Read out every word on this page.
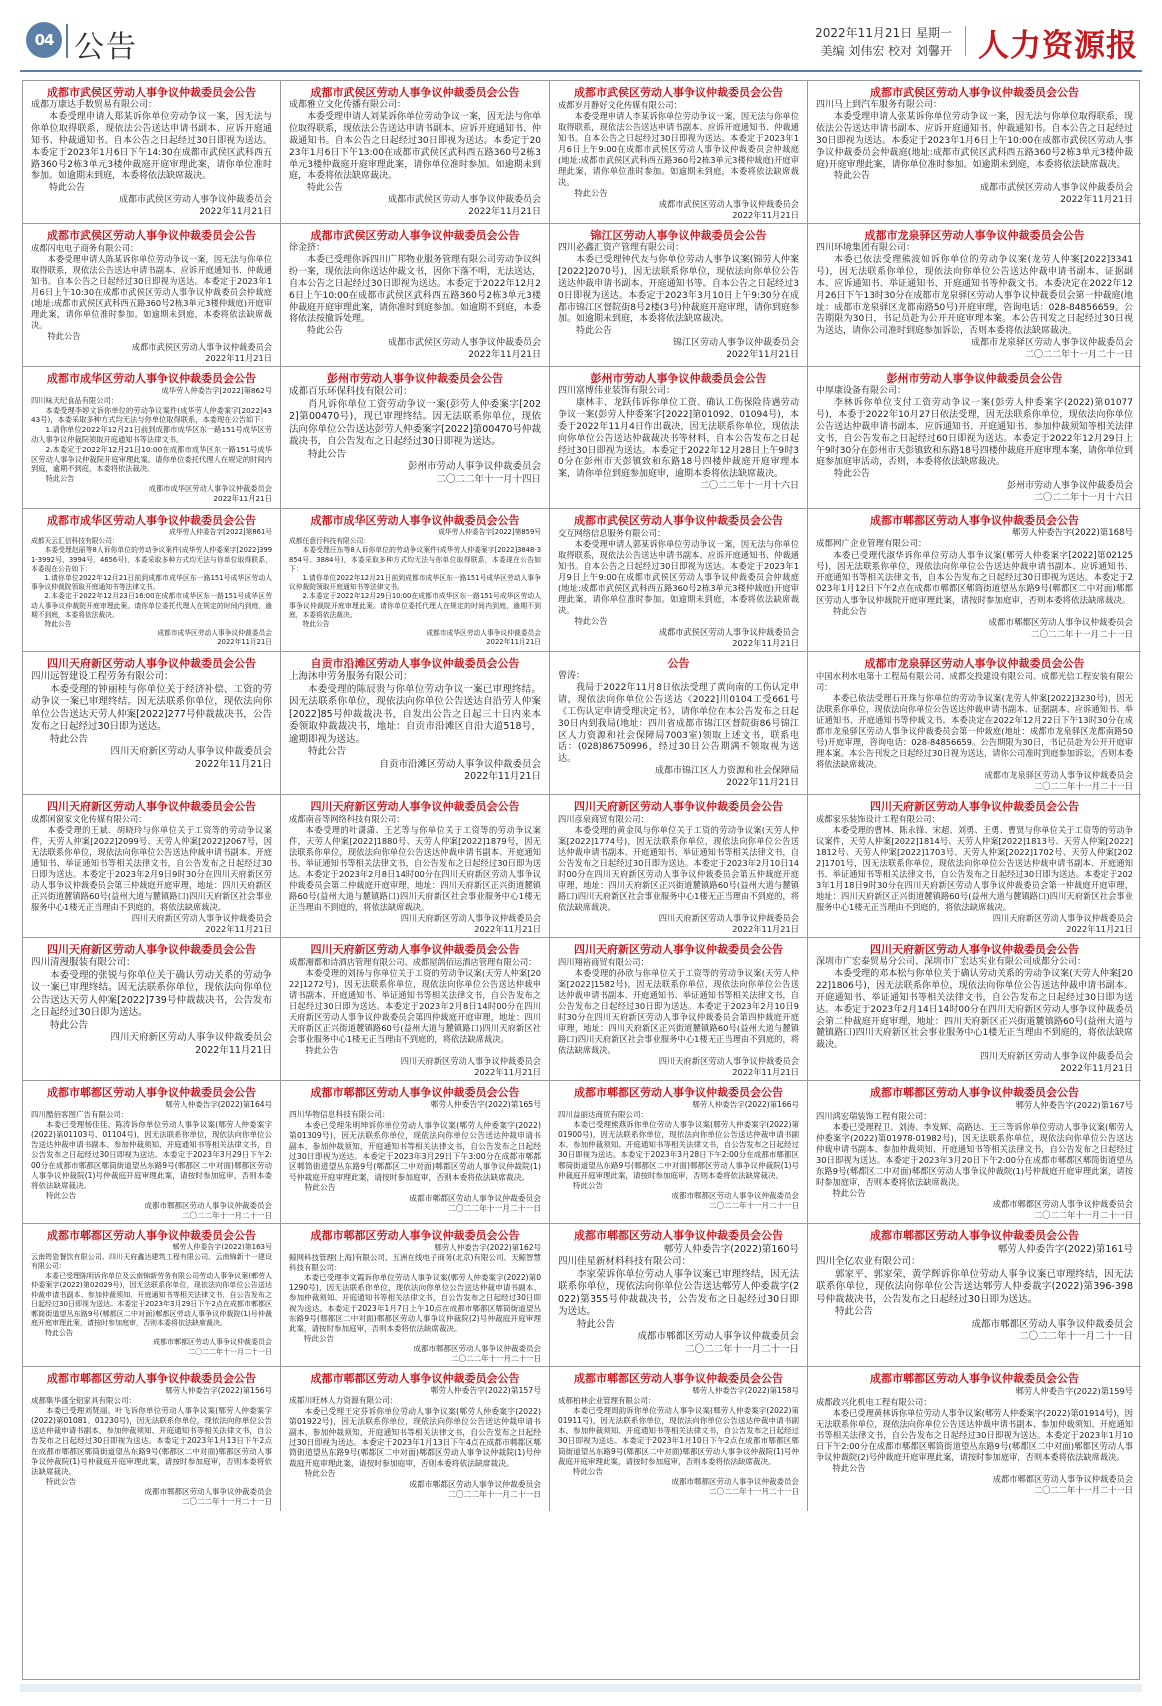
04 公告	2022年11月21日 星期一
美编 刘伟宏 校对 刘馨开 人力资源报
成都市武侯区劳动人事争议仲裁委员会公告
成都万康达手数贸易有限公司：
本委受理申请人郑某诉你单位劳动争议一案，因无法与你单位取得联系，现依法公告送达申请书副本、应诉开庭通知书、仲裁通知书。自本公告之日起经过30日即视为送达。本委定于2023年1月6日下午14:30在成都市武侯区武科西五路360号2栋3单元3楼仲裁庭开庭审理此案，请你单位准时参加。如逾期未到庭，本委将依法缺席裁决。
特此公告
成都市武侯区劳动人事争议仲裁委员会
2022年11月21日
成都市武侯区劳动人事争议仲裁委员会公告
成都雅立文化传播有限公司：
本委受理申请人刘某诉你单位劳动争议一案，因无法与你单位取得联系，现依法公告送达申请书副本、应诉开庭通知书、仲裁通知书。自本公告之日起经过30日即视为送达。本委定于2023年1月6日下午13:00在成都市武侯区武科西五路360号2栋3单元3楼仲裁庭开庭审理此案，请你单位准时参加。如逾期未到庭，本委将依法缺席裁决。
特此公告
成都市武侯区劳动人事争议仲裁委员会
2022年11月21日
成都市武侯区劳动人事争议仲裁委员会公告
成都岁月静好文化传媒有限公司：
本委受理申请人李某诉你单位劳动争议一案，因无法与你单位取得联系，现依法公告送达申请书副本、应诉开庭通知书、仲裁通知书。自本公告之日起经过30日即视为送达。本委定于2023年1月6日上午9:00在成都市武侯区劳动人事争议仲裁委员会仲裁庭(地址:成都市武侯区武科西五路360号2栋3单元3楼仲裁庭)开庭审理此案，请你单位准时参加。如逾期未到庭，本委将依法缺席裁决。
特此公告
成都市武侯区劳动人事争议仲裁委员会
2022年11月21日
成都市武侯区劳动人事争议仲裁委员会公告
四川马上到汽车服务有限公司：
本委受理申请人张某诉你单位劳动争议一案，因无法与你单位取得联系，现依法公告送达申请书副本、应诉开庭通知书、仲裁通知书。自本公告之日起经过30日即视为送达。本委定于2023年1月6日上午10:00在成都市武侯区劳动人事争议仲裁委员会仲裁庭(地址:成都市武侯区武科西五路360号2栋3单元3楼仲裁庭)开庭审理此案，请你单位准时参加。如逾期未到庭，本委将依法缺席裁决。
特此公告
成都市武侯区劳动人事争议仲裁委员会
2022年11月21日
成都市武侯区劳动人事争议仲裁委员会公告
成都闪电电子商务有限公司：
本委受理申请人陈某诉你单位劳动争议一案，因无法与你单位取得联系，现依法公告送达申请书副本、应诉开庭通知书、仲裁通知书。自本公告之日起经过30日即视为送达。本委定于2023年1月6日上午10:30在成都市武侯区劳动人事争议仲裁委员会仲裁庭(地址:成都市武侯区武科西五路360号2栋3单元3楼仲裁庭)开庭审理此案，请你单位准时参加。如逾期未到庭，本委将依法缺席裁决。
特此公告
成都市武侯区劳动人事争议仲裁委员会
2022年11月21日
成都市武侯区劳动人事争议仲裁委员会公告
徐金挤：
本委已受理你诉四川广邦物业服务管理有限公司劳动争议纠纷一案，现依法向你送达仲裁文书，因你下落不明，无法送达，自本公告之日起经过30日即视为送达。本委定于2022年12月26日上午10:00在成都市武侯区武科西五路360号2栋3单元3楼仲裁庭开庭审理此案，请你准时到庭参加。如逾期不到庭，本委将依法按撤诉处理。
特此公告
成都市武侯区劳动人事争议仲裁委员会
2022年11月21日
锦江区劳动人事争议仲裁委员会公告
四川必鑫汇资产管理有限公司：
本委已受理钟代友与你单位劳动人事争议案(锦劳人仲案[2022]2070号)，因无法联系你单位，现依法向你单位公告送达仲裁申请书副本、开庭通知书等。自本公告之日起经过30日即视为送达。本委定于2023年3月10日上午9:30分在成都市锦江区督院街8号2楼(3号)仲裁庭开庭审理，请你到庭参加。如逾期未到庭，本委将依法缺席裁决。
特此公告
锦江区劳动人事争议仲裁委员会
2022年11月21日
成都市龙泉驿区劳动人事争议仲裁委员会公告
四川环境集团有限公司：
本委已依法受理熊波如诉你单位的劳动争议案(龙劳人仲案[2022]3341号)，因无法联系你单位，现依法向你单位公告送达仲裁申请书副本、证据副本、应诉通知书、举证通知书、开庭通知书等仲裁文书。本委决定在2022年12月26日下午13时30分在成都市龙泉驿区劳动人事争议仲裁委员会第一仲裁庭(地址：成都市龙泉驿区龙都南路50号)开庭审理，咨询电话：028-84856659。公告期限为30日，书记员赴为公开开庭审理本案。本公告刊发之日起经过30日视为送达，请你公司准时到庭参加诉讼，否则本委将依法缺席裁决。
成都市龙泉驿区劳动人事争议仲裁委员会
二〇二二年十一月二十一日
成都市成华区劳动人事争议仲裁委员会公告
成华劳人仲委告字[2022]第862号
四川味天纪食品有限公司：
本委受理李婷文诉你单位的劳动争议案件(成华劳人仲委案字[2022]4343号)，本委采取多种方式均无法与你单位取得联系，本委现在公告如下：
1.请你单位2022年12月21日前到成都市成华区东一路151号成华区劳动人事争议仲裁院领取开庭通知书等法律文书。
2.本委定于2022年12月21日10:00在成都市成华区东一路151号成华区劳动人事争议仲裁院开庭审理此案。请你单位委托代理人在规定的时间内到庭，逾期不到庭，本委将依法裁决。
特此公告
成都市成华区劳动人事争议仲裁委员会
2022年11月21日
彭州市劳动人事争议仲裁委员会公告
成都百乐环保科技有限公司：
肖凡诉你单位工资劳动争议一案(彭劳人仲委案字[2022]第00470号)，现已审理终结。因无法联系你单位，现依法向你单位公告送达彭劳人仲委案字[2022]第00470号仲裁裁决书，自公告发布之日起经过30日即视为送达。
特此公告
彭州市劳动人事争议仲裁委员会
二〇二二年十一月十四日
彭州市劳动人事争议仲裁委员会公告
四川富博伟业装饰有限公司：
康林丰、龙跃伟诉你单位工资、确认工伤保险待遇劳动争议一案(彭劳人仲委案字[2022]第01092、01094号)，本委于2022年11月4日作出裁决，因无法联系你单位，现依法向你单位公告送达仲裁裁决书等材料，自本公告发布之日起经过30日即视为送达。本委定于2022年12月28日上午9时30分在彭州市天彭镇致和东路18号四楼仲裁庭开庭审理本案，请你单位到庭参加庭审，逾期本委将依法缺席裁决。
二〇二二年十一月十六日
彭州市劳动人事争议仲裁委员会公告
中厚康设备有限公司：
李林诉你单位支付工资劳动争议一案(彭劳人仲委案字(2022)第01077号)，本委于2022年10月27日依法受理，因无法联系你单位，现依法向你单位公告送达仲裁申请书副本、应诉通知书、开庭通知书、参加仲裁须知等相关法律文书，自公告发布之日起经过60日即视为送达。本委定于2022年12月29日上午9时30分在彭州市天彭镇致和东路18号四楼仲裁庭开庭审理本案，请你单位到庭参加庭审活动，否则，本委将依法缺席裁决。
特此公告
彭州市劳动人事争议仲裁委员会
二〇二二年十一月十六日
成都市成华区劳动人事争议仲裁委员会公告
成华劳人仲委告字[2022]第861号
成都天云汇信科技有限公司：
本委受理赵丽等8人诉你单位的劳动争议案件(成华劳人仲委案字[2022]3991-3992号、3994号、4656号)，本委采取多种方式均无法与你单位取得联系，本委现在公告如下：
1.请你单位2022年12月21日前到成都市成华区东一路151号成华区劳动人事争议仲裁院领取开庭通知书等法律文书。
2.本委定于2022年12月23日16:00在成都市成华区东一路151号成华区劳动人事争议仲裁院开庭审理此案。请你单位委托代理人在规定的时间内到庭，逾期不到庭，本委将依法裁决。
特此公告
成都市成华区劳动人事争议仲裁委员会
2022年11月21日
成都市成华区劳动人事争议仲裁委员会公告
成华劳人仲委告字[2022]第859号
成都任意行科技有限公司：
本委受理汪东等8人诉你单位的劳动争议案件(成华劳人仲委案字[2022]3848-3854号、3884号)，本委采取多种方式均无法与你单位取得联系，本委现在公告如下：
1.请你单位2022年12月21日前到成都市成华区东一路151号成华区劳动人事争议仲裁院领取开庭通知书等法律文书。
2.本委定于2022年12月29日10:00在成都市成华区东一路151号成华区劳动人事争议仲裁院开庭审理此案。请你单位委托代理人在规定的时间内到庭，逾期不到庭，本委将依法裁决。
特此公告
成都市成华区劳动人事争议仲裁委员会
2022年11月21日
成都市武侯区劳动人事争议仲裁委员会公告
交互网络信息服务有限公司：
本委受理申请人郭某诉你单位劳动争议一案，因无法与你单位取得联系，现依法公告送达申请书副本、应诉开庭通知书、仲裁通知书。自本公告之日起经过30日即视为送达。本委定于2023年1月9日上午9:00在成都市武侯区劳动人事争议仲裁委员会仲裁庭(地址:成都市武侯区武科西五路360号2栋3单元3楼仲裁庭)开庭审理此案，请你单位准时参加。如逾期未到庭，本委将依法缺席裁决。
特此公告
成都市武侯区劳动人事争议仲裁委员会
2022年11月21日
成都市郫都区劳动人事争议仲裁委员会公告
郫劳人仲委告字(2022)第168号
成都网广企业管理有限公司：
本委已受理代淑华诉你单位劳动人事争议案(郫劳人仲委案字[2022]第02125号)，因无法联系你单位，现依法向你单位公告送达仲裁申请书副本、应诉通知书、开庭通知书等相关法律文书，自本公告发布之日起经过30日即视为送达。本委定于2023年1月12日下午2点在成都市郫都区郫筒街道望丛东路9号(郫都区二中对面)郫都区劳动人事争议仲裁院开庭审理此案，请按时参加庭审，否则本委将依法缺席裁决。
特此公告
成都市郫都区劳动人事争议仲裁委员会
二〇二二年十一月二十一日
四川天府新区劳动人事争议仲裁委员会公告
四川远智建设工程劳务有限公司：
本委受理的钟丽桂与你单位关于经济补偿、工资的劳动争议一案已审理终结。因无法联系你单位，现依法向你单位公告送达天劳人仲案[2022]277号仲裁裁决书，公告发布之日起经过30日即为送达。
特此公告
四川天府新区劳动人事争议仲裁委员会
2022年11月21日
自贡市沿滩区劳动人事争议仲裁委员会公告
上海沐申劳务服务有限公司：
本委受理的陈辰贵与你单位劳动争议一案已审理终结。因无法联系你单位，现依法向你单位公告送达自沿劳人仲案[2022]85号仲裁裁决书，自发出公告之日起三十日内来本委领取仲裁裁决书，地址：自贡市沿滩区自沿大道518号，逾期即视为送达。
特此公告
自贡市沿滩区劳动人事争议仲裁委员会
2022年11月21日
公告
曾涛：
我局于2022年11月8日依法受理了黄向南的工伤认定申请，现依法向你单位公告送达《2022]川0104工受661号《工伤认定申请受理决定书》，请你单位在本公告发布之日起30日内到我局(地址：四川省成都市锦江区督院街86号锦江区人力资源和社会保障局7003室)领取上述文书，联系电话：(028)86750996，经过30日公告期满不领取视为送达。
成都市锦江区人力资源和社会保障局
2022年11月21日
成都市龙泉驿区劳动人事争议仲裁委员会公告
中国水利水电第十工程局有限公司、成都交投建设有限公司、成都光信工程安装有限公司：
本委已依法受理石开珠与你单位的劳动争议案(龙劳人仲案[2022]3230号)，因无法联系你单位，现依法向你单位公告送达仲裁申请书副本、证据副本、应诉通知书、举证通知书、开庭通知书等仲裁文书。本委决定在2022年12月22日下午13时30分在成都市龙泉驿区劳动人事争议仲裁委员会第一仲裁庭(地址：成都市龙泉驿区龙都南路50号)开庭审理，咨询电话：028-84856659。公告期限为30日，书记员赴为公开开庭审理本案。本公告刊发之日起经过30日视为送达，请你公司准时到庭参加诉讼，否则本委将依法缺席裁决。
成都市龙泉驿区劳动人事争议仲裁委员会
二〇二二年十一月二十一日
四川天府新区劳动人事争议仲裁委员会公告
成都闲窗家文化传媒有限公司：
本委受理的王斌、胡晓玲与你单位关于工资等的劳动争议案件，天劳人仲案[2022]2099号、天劳人仲案[2022]2067号，因无法联系你单位，现依法向你单位公告送达仲裁申请书副本、开庭通知书、举证通知书等相关法律文书，自公告发布之日起经过30日即为送达。本委定于2023年2月9日9时30分在四川天府新区劳动人事争议仲裁委员会第三仲裁庭开庭审理，地址：四川天府新区正兴街道麓镇路60号(益州大道与麓镇路口)四川天府新区社会事业服务中心1楼无正当理由不到庭的，将依法缺席裁决。
四川天府新区劳动人事争议仲裁委员会
2022年11月21日
四川天府新区劳动人事争议仲裁委员会公告
成都南音等网络科技有限公司：
本委受理的叶潇潇、王艺等与你单位关于工资等的劳动争议案件，天劳人仲案[2022]1880号、天劳人仲案[2022]1879号，因无法联系你单位，现依法向你单位公告送达仲裁申请书副本、开庭通知书、举证通知书等相关法律文书，自公告发布之日起经过30日即为送达。本委定于2023年2月8日14时00分在四川天府新区劳动人事争议仲裁委员会第二仲裁庭开庭审理，地址：四川天府新区正兴街道麓镇路60号(益州大道与麓镇路口)四川天府新区社会事业服务中心1楼无正当理由不到庭的，将依法缺席裁决。
四川天府新区劳动人事争议仲裁委员会
2022年11月21日
四川天府新区劳动人事争议仲裁委员会公告
四川彦泉商贸有限公司：
本委受理的黄金凤与你单位关于工资的劳动争议案(天劳人仲案[2022]1774号)，因无法联系你单位，现依法向你单位公告送达仲裁申请书副本、开庭通知书、举证通知书等相关法律文书，自公告发布之日起经过30日即为送达。本委定于2023年2月10日14时00分在四川天府新区劳动人事争议仲裁委员会第五仲裁庭开庭审理，地址：四川天府新区正兴街道麓镇路60号(益州大道与麓镇路口)四川天府新区社会事业服务中心1楼无正当理由不到庭的，将依法缺席裁决。
四川天府新区劳动人事争议仲裁委员会
2022年11月21日
四川天府新区劳动人事争议仲裁委员会公告
成都家乐装饰设计工程有限公司：
本委受理的曹林、陈永锋、宋超、刘勇、王勇、曹贤与你单位关于工资等的劳动争议案件，天劳人仲案[2022]1814号、天劳人仲案[2022]1813号、天劳人仲案[2022]1812号、天劳人仲案[2022]1703号、天劳人仲案[2022]1702号、天劳人仲案[2022]1701号，因无法联系你单位，现依法向你单位公告送达仲裁申请书副本、开庭通知书、举证通知书等相关法律文书，自公告发布之日起经过30日即为送达。本委定于2023年1月18日9时30分在四川天府新区劳动人事争议仲裁委员会第一仲裁庭开庭审理，地址：四川天府新区正兴街道麓镇路60号(益州大道与麓镇路口)四川天府新区社会事业服务中心1楼无正当理由不到庭的，将依法缺席裁决。
四川天府新区劳动人事争议仲裁委员会
2022年11月21日
四川天府新区劳动人事争议仲裁委员会公告
四川清漫服装有限公司：
本委受理的张锐与你单位关于确认劳动关系的劳动争议一案已审理终结。因无法联系你单位，现依法向你单位公告送达天劳人仲案[2022]739号仲裁裁决书，公告发布之日起经过30日即为送达。
特此公告
四川天府新区劳动人事争议仲裁委员会
2022年11月21日
四川天府新区劳动人事争议仲裁委员会公告
成都湘都和诗酒店管理有限公司、成都屋鸽佰运酒店管理有限公司：
本委受理的刘扬与你单位关于工资的劳动争议案(天劳人仲案[2022]1272号)，因无法联系你单位，现依法向你单位公告送达仲裁申请书副本、开庭通知书、举证通知书等相关法律文书，自公告发布之日起经过30日即为送达。本委定于2023年2月8日14时00分在四川天府新区劳动人事争议仲裁委员会第四仲裁庭开庭审理，地址：四川天府新区正兴街道麓镇路60号(益州大道与麓镇路口)四川天府新区社会事业服务中心1楼无正当理由不到庭的，将依法缺席裁决。
特此公告
四川天府新区劳动人事争议仲裁委员会
2022年11月21日
四川天府新区劳动人事争议仲裁委员会公告
四川翔裕商贸有限公司：
本委受理的孙欣与你单位关于工资等的劳动争议案(天劳人仲案[2022]1582号)，因无法联系你单位，现依法向你单位公告送达仲裁申请书副本、开庭通知书、举证通知书等相关法律文书，自公告发布之日起经过30日即为送达。本委定于2023年2月10日9时30分在四川天府新区劳动人事争议仲裁委员会第四仲裁庭开庭审理，地址：四川天府新区正兴街道麓镇路60号(益州大道与麓镇路口)四川天府新区社会事业服务中心1楼无正当理由不到庭的，将依法缺席裁决。
四川天府新区劳动人事争议仲裁委员会
2022年11月21日
四川天府新区劳动人事争议仲裁委员会公告
深圳市广宏泰贸易分公司、深圳市广宏达实业有限公司成都分公司：
本委受理的邓本松与你单位关于确认劳动关系的劳动争议案(天劳人仲案[2022]1806号)，因无法联系你单位，现依法向你单位公告送达仲裁申请书副本、开庭通知书、举证通知书等相关法律文书，自公告发布之日起经过30日即为送达。本委定于2023年2月14日14时00分在四川天府新区劳动人事争议仲裁委员会第二仲裁庭开庭审理，地址：四川天府新区正兴街道麓镇路60号(益州大道与麓镇路口)四川天府新区社会事业服务中心1楼无正当理由不到庭的，将依法缺席裁决。
四川天府新区劳动人事争议仲裁委员会
2022年11月21日
成都市郫都区劳动人事争议仲裁委员会公告
郫劳人仲委告字(2022)第164号
四川酷佰客图广告有限公司：
本委已受理杨佳佳、陈涛诉你单位劳动人事争议案(郫劳人仲委案字(2022)第01103号、01104号)，因无法联系你单位，现依法向你单位公告送达仲裁申请书副本、参加仲裁须知、开庭通知书等相关法律文书，自公告发布之日起经过30日即视为送达。本委定于2023年3月29日下午2:00分在成都市郫都区郫筒街道望丛东路9号(郫都区二中对面)郫都区劳动人事争议仲裁院(1)号仲裁庭开庭审理此案，请按时参加庭审，否则本委将依法缺席裁决。
特此公告
成都市郫都区劳动人事争议仲裁委员会
二〇二二年十一月二十一日
成都市郫都区劳动人事争议仲裁委员会公告
郫劳人仲委告字(2022)第165号
四川华物信息科技有限公司：
本委已受理朱明坤诉你单位劳动人事争议案(郫劳人仲委案字(2022)第01309号)，因无法联系你单位，现依法向你单位公告送达仲裁申请书副本、参加仲裁须知、开庭通知书等相关法律文书，自公告发布之日起经过30日即视为送达。本委定于2023年3月29日下午3:00分在成都市郫都区郫筒街道望丛东路9号(郫都区二中对面)郫都区劳动人事争议仲裁院(1)号仲裁庭开庭审理此案，请按时参加庭审，否则本委将依法缺席裁决。
特此公告
成都市郫都区劳动人事争议仲裁委员会
二〇二二年十一月二十一日
成都市郫都区劳动人事争议仲裁委员会公告
郫劳人仲委告字(2022)第166号
四川益丽达商贸有限公司：
本委已受理熊燕诉你单位劳动人事争议案(郫劳人仲委案字(2022)第01900号)，因无法联系你单位，现依法向你单位公告送达仲裁申请书副本、参加仲裁须知、开庭通知书等相关法律文书，自公告发布之日起经过30日即视为送达。本委定于2023年3月28日下午2:00分在成都市郫都区郫筒街道望丛东路9号(郫都区二中对面)郫都区劳动人事争议仲裁院(1)号仲裁庭开庭审理此案，请按时参加庭审，否则本委将依法缺席裁决。
特此公告
成都市郫都区劳动人事争议仲裁委员会
二〇二二年十一月二十一日
成都市郫都区劳动人事争议仲裁委员会公告
郫劳人仲委告字(2022)第167号
四川鸿宏瑞装饰工程有限公司：
本委已受理程卫、刘涛、李发辉、高路达、王三等诉你单位劳动人事争议案(郫劳人仲委案字(2022)第01978-01982号)，因无法联系你单位，现依法向你单位公告送达仲裁申请书副本、参加仲裁须知、开庭通知书等相关法律文书，自公告发布之日起经过30日即视为送达。本委定于2023年3月20日下午2:00分在成都市郫都区郫筒街道望丛东路9号(郫都区二中对面)郫都区劳动人事争议仲裁院(1)号仲裁庭开庭审理此案，请按时参加庭审，否则本委将依法缺席裁决。
特此公告
成都市郫都区劳动人事争议仲裁委员会
二〇二二年十一月二十一日
成都市郫都区劳动人事争议仲裁委员会公告
郫劳人仲委告字(2022)第163号
云南筠瓷餐饮有限公司、四川天府鑫达建筑工程有限公司、云南锦新十一建设有限公司：
本委已受理陈明诉你单位及云南锦新劳务有限公司劳动人事争议案(郫劳人仲委案字(2022)第02029号)，因无法联系你单位，现依法向你单位公告送达仲裁申请书副本、参加仲裁须知、开庭通知书等相关法律文书，自公告发布之日起经过30日即视为送达。本委定于2023年3月29日下午2点在成都市郫都区郫筒街道望丛东路9号(郫都区二中对面)郫都区劳动人事争议仲裁院(1)号仲裁庭开庭审理此案，请按时参加庭审，否则本委将依法缺席裁决。
特此公告
成都市郫都区劳动人事争议仲裁委员会
二〇二二年十一月二十一日
成都市郫都区劳动人事争议仲裁委员会公告
郫劳人仲委告字(2022)第162号
鲸网科技管理(上海)有限公司、五洲在线电子商务(北京)有限公司、天鲸智慧科技有限公司：
本委已受理李文霞诉你单位劳动人事争议案(郫劳人仲委案字(2022)第01290号)，因无法联系你单位，现依法向你单位公告送达仲裁申请书副本、参加仲裁须知、开庭通知书等相关法律文书，自公告发布之日起经过30日即视为送达。本委定于2023年1月7日上午10点在成都市郫都区郫筒街道望丛东路9号(郫都区二中对面)郫都区劳动人事争议仲裁院(2)号仲裁庭开庭审理此案，请按时参加庭审，否则本委将依法缺席裁决。
特此公告
成都市郫都区劳动人事争议仲裁委员会
二〇二二年十一月二十一日
成都市郫都区劳动人事争议仲裁委员会公告
郫劳人仲委告字(2022)第160号
四川佳星新材料科技有限公司：
李家荣诉你单位劳动人事争议案已审理终结，因无法联系你单位，现依法向你单位公告送达郫劳人仲委裁字(2022)第355号仲裁裁决书，公告发布之日起经过30日即为送达。
特此公告
成都市郫都区劳动人事争议仲裁委员会
二〇二二年十一月二十一日
成都市郫都区劳动人事争议仲裁委员会公告
郫劳人仲委告字(2022)第161号
四川全亿农业有限公司：
郭家平、郭家荣、黄学辉诉你单位劳动人事争议案已审理终结，因无法联系你单位，现依法向你单位公告送达郫劳人仲委裁字(2022)第396-398号仲裁裁决书，公告发布之日起经过30日即为送达。
特此公告
成都市郫都区劳动人事争议仲裁委员会
二〇二二年十一月二十一日
成都市郫都区劳动人事争议仲裁委员会公告
郫劳人仲委告字(2022)第156号
成都集华盛全铝家具有限公司：
本委已受理刘贤丽、叶飞诉你单位劳动人事争议案(郫劳人仲委案字(2022)第01081、01230号)，因无法联系你单位，现依法向你单位公告送达仲裁申请书副本、参加仲裁须知、开庭通知书等相关法律文书，自公告发布之日起经过30日即视为送达。本委定于2023年1月13日下午2点在成都市郫都区郫筒街道望丛东路9号(郫都区二中对面)郫都区劳动人事争议仲裁院(1)号仲裁庭开庭审理此案，请按时参加庭审，否则本委将依法缺席裁决。
特此公告
成都市郫都区劳动人事争议仲裁委员会
二〇二二年十一月二十一日
成都市郫都区劳动人事争议仲裁委员会公告
郫劳人仲委告字(2022)第157号
成都川旺林人力资源有限公司：
本委已受理王定芬诉你单位劳动人事争议案(郫劳人仲委案字(2022)第01922号)，因无法联系你单位，现依法向你单位公告送达仲裁申请书副本、参加仲裁须知、开庭通知书等相关法律文书，自公告发布之日起经过30日即视为送达。本委定于2023年1月13日下午4点在成都市郫都区郫筒街道望丛东路9号(郫都区二中对面)郫都区劳动人事争议仲裁院(1)号仲裁庭开庭审理此案，请按时参加庭审，否则本委将依法缺席裁决。
特此公告
成都市郫都区劳动人事争议仲裁委员会
二〇二二年十一月二十一日
成都市郫都区劳动人事争议仲裁委员会公告
郫劳人仲委告字(2022)第158号
成都柏林企业管理有限公司：
本委已受理周韵诉你单位劳动人事争议案(郫劳人仲委案字(2022)第01911号)，因无法联系你单位，现依法向你单位公告送达仲裁申请书副本、参加仲裁须知、开庭通知书等相关法律文书，自公告发布之日起经过30日即视为送达。本委定于2023年1月10日下午2点在成都市郫都区郫筒街道望丛东路9号(郫都区二中对面)郫都区劳动人事争议仲裁院(1)号仲裁庭开庭审理此案，请按时参加庭审，否则本委将依法缺席裁决。
特此公告
成都市郫都区劳动人事争议仲裁委员会
二〇二二年十一月二十一日
成都市郫都区劳动人事争议仲裁委员会公告
郫劳人仲委告字(2022)第159号
成都政兴化机电工程有限公司：
本委已受理黄林诉你单位劳动人事争议案(郫劳人仲委案字(2022)第01914号)，因无法联系你单位，现依法向你单位公告送达仲裁申请书副本、参加仲裁须知、开庭通知书等相关法律文书，自公告发布之日起经过30日即视为送达。本委定于2023年1月10日下午2:00分在成都市郫都区郫筒街道望丛东路9号(郫都区二中对面)郫都区劳动人事争议仲裁院(2)号仲裁庭开庭审理此案，请按时参加庭审，否则本委将依法缺席裁决。
特此公告
成都市郫都区劳动人事争议仲裁委员会
二〇二二年十一月二十一日
